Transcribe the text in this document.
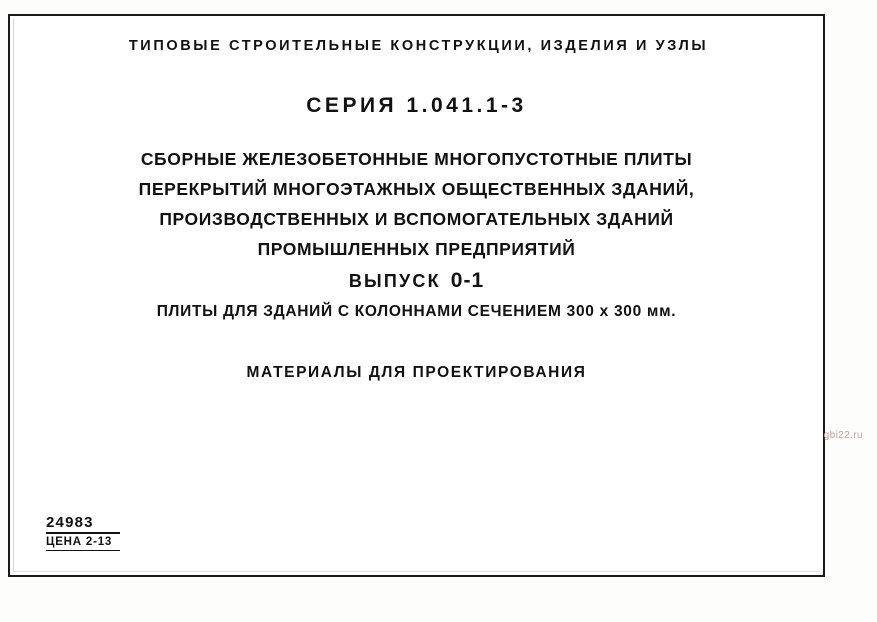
ТИПОВЫЕ СТРОИТЕЛЬНЫЕ КОНСТРУКЦИИ, ИЗДЕЛИЯ И УЗЛЫ
СЕРИЯ 1.041.1-3
СБОРНЫЕ ЖЕЛЕЗОБЕТОННЫЕ МНОГОПУСТОТНЫЕ ПЛИТЫ
ПЕРЕКРЫТИЙ МНОГОЭТАЖНЫХ ОБЩЕСТВЕННЫХ ЗДАНИЙ,
ПРОИЗВОДСТВЕННЫХ И ВСПОМОГАТЕЛЬНЫХ ЗДАНИЙ
ПРОМЫШЛЕННЫХ ПРЕДПРИЯТИЙ
ВЫПУСК 0-1
ПЛИТЫ ДЛЯ ЗДАНИЙ С КОЛОННАМИ СЕЧЕНИЕМ 300 х 300 мм.
МАТЕРИАЛЫ ДЛЯ ПРОЕКТИРОВАНИЯ
24983
ЦЕНА 2-13
gbi22.ru
